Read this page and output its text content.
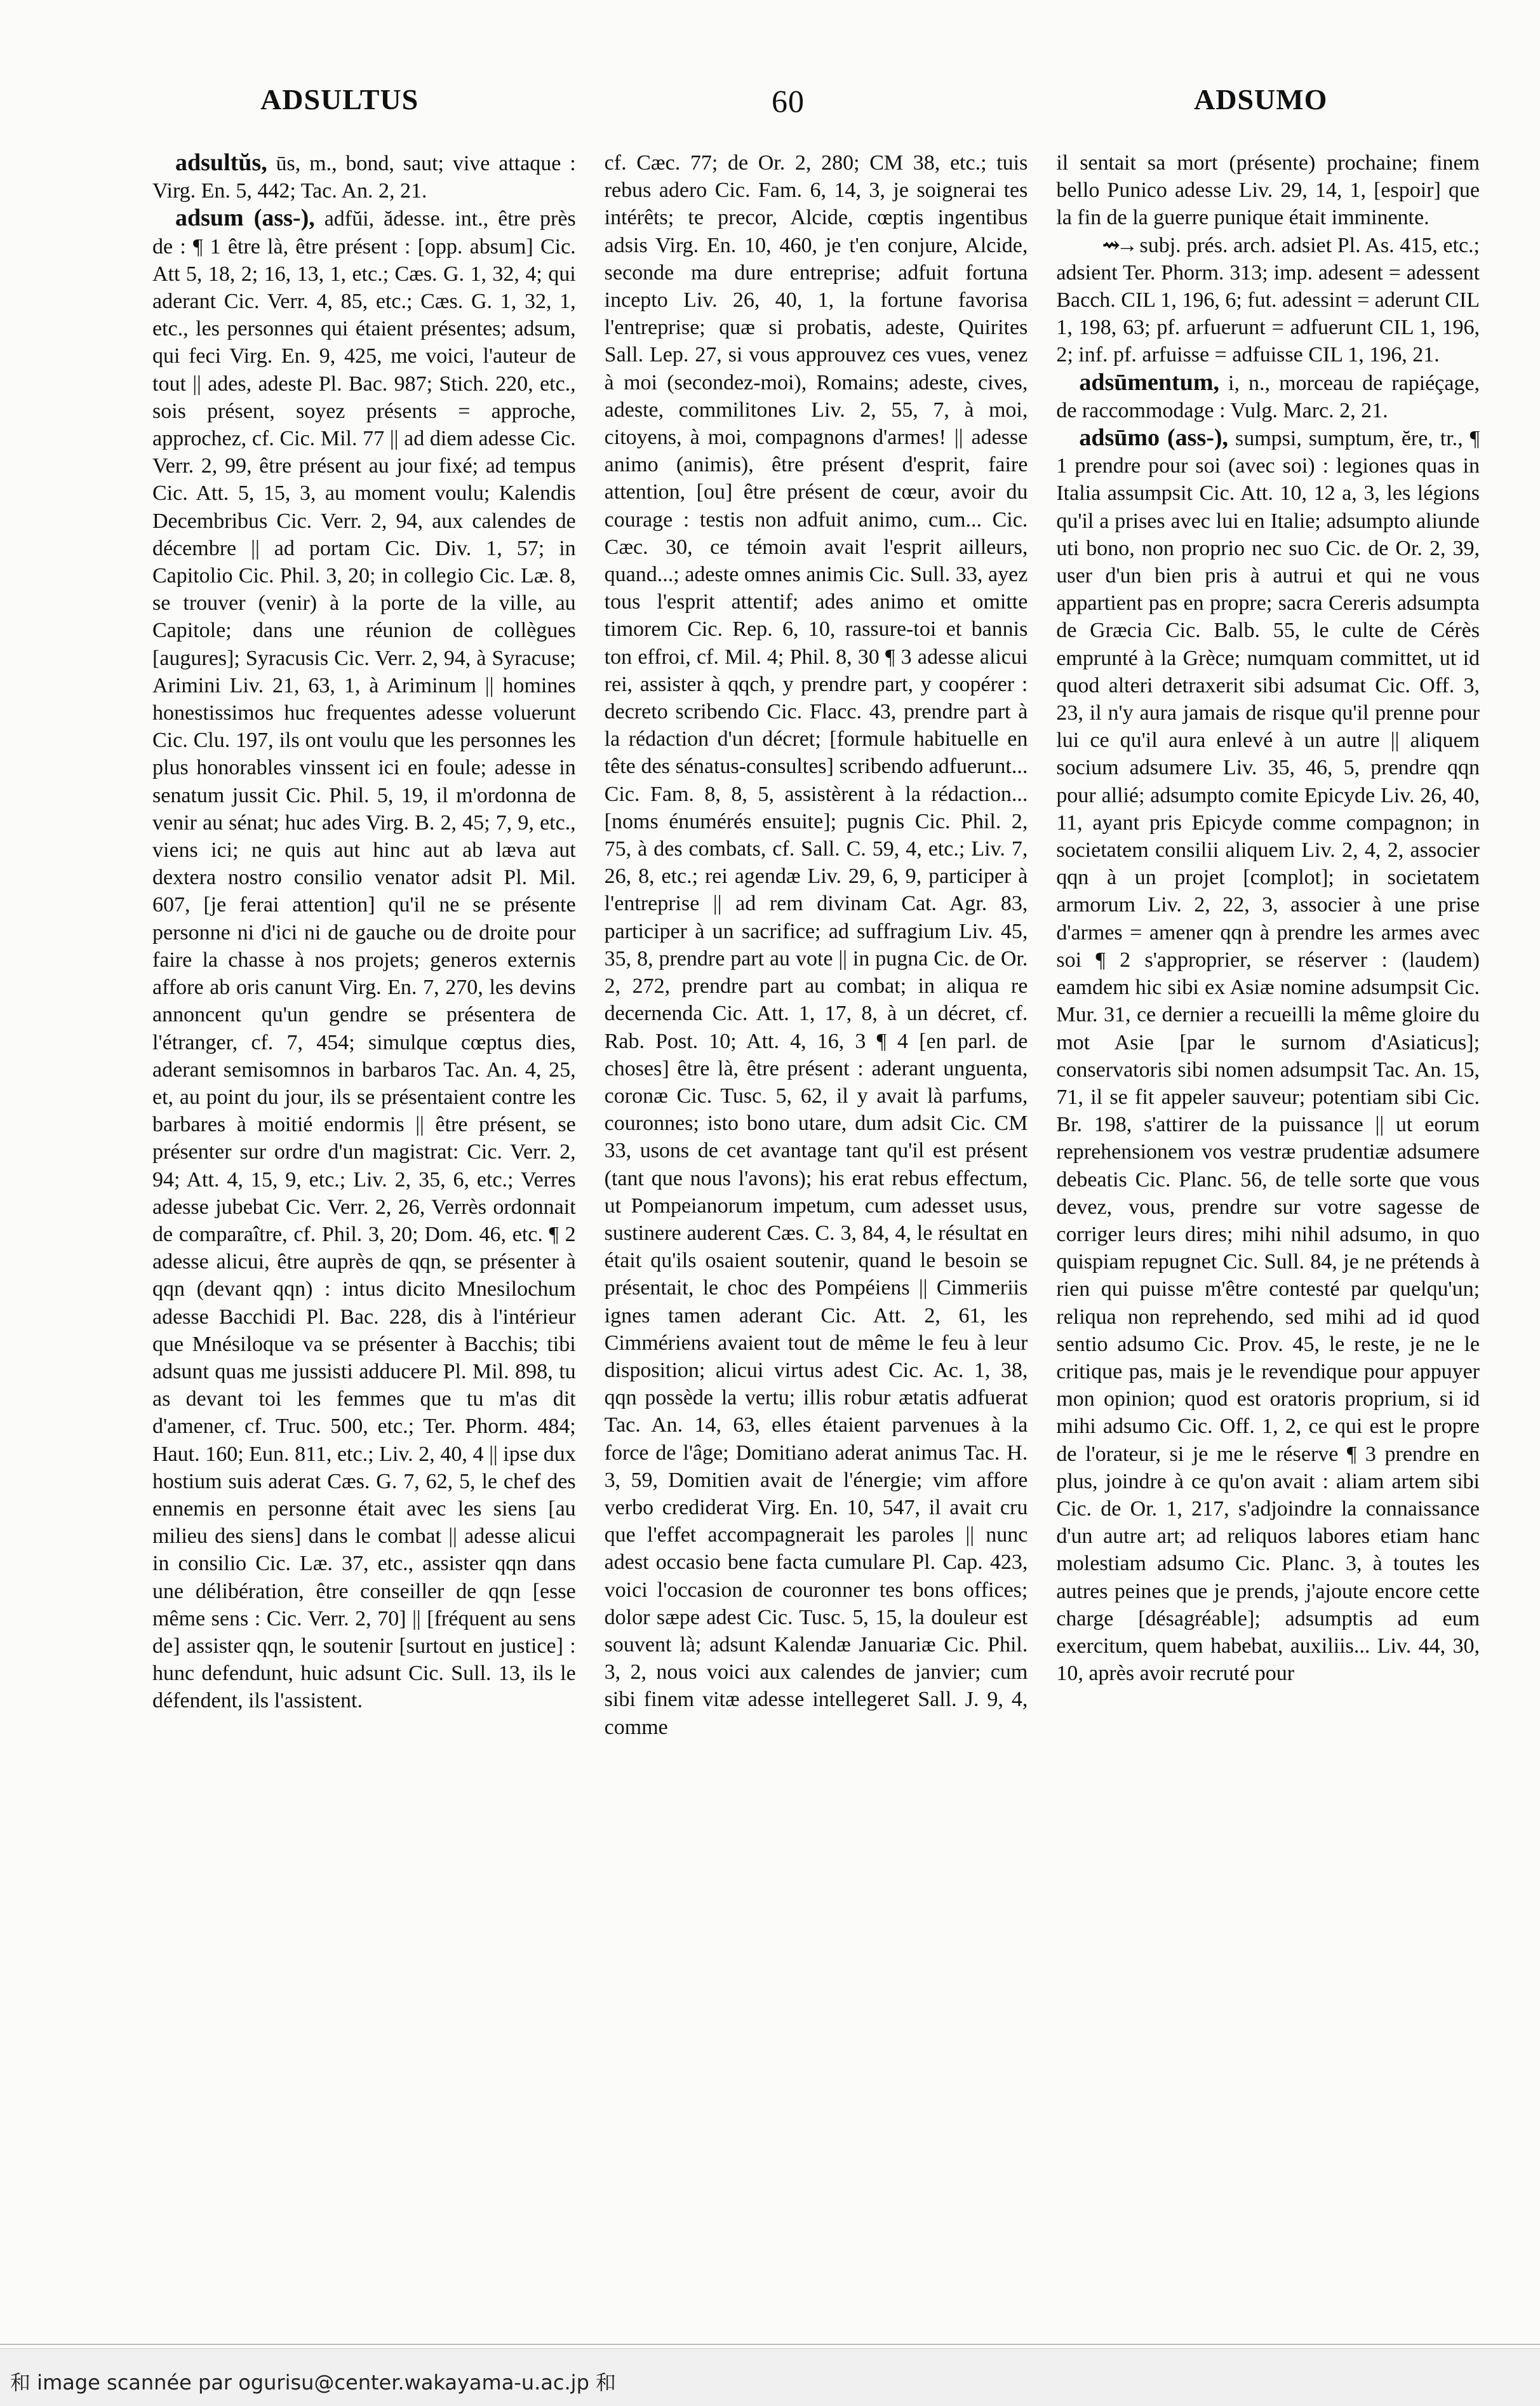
ADSULTUS	60	ADSUMO

adsultŭs, ūs, m., bond, saut; vive attaque : Virg. En. 5, 442; Tac. An. 2, 21.

adsum (ass-), adfŭi, ădesse. int., être près de : ¶ 1 être là, être présent : [opp. absum] Cic. Att 5, 18, 2; 16, 13, 1, etc.; Cæs. G. 1, 32, 4; qui aderant Cic. Verr. 4, 85, etc.; Cæs. G. 1, 32, 1, etc., les personnes qui étaient présentes; adsum, qui feci Virg. En. 9, 425, me voici, l'auteur de tout || ades, adeste Pl. Bac. 987; Stich. 220, etc., sois présent, soyez présents = approche, approchez, cf. Cic. Mil. 77 || ad diem adesse Cic. Verr. 2, 99, être présent au jour fixé; ad tempus Cic. Att. 5, 15, 3, au moment voulu; Kalendis Decembribus Cic. Verr. 2, 94, aux calendes de décembre || ad portam Cic. Div. 1, 57; in Capitolio Cic. Phil. 3, 20; in collegio Cic. Læ. 8, se trouver (venir) à la porte de la ville, au Capitole; dans une réunion de collègues [augures]; Syracusis Cic. Verr. 2, 94, à Syracuse; Arimini Liv. 21, 63, 1, à Ariminum || homines honestissimos huc frequentes adesse voluerunt Cic. Clu. 197, ils ont voulu que les personnes les plus honorables vinssent ici en foule; adesse in senatum jussit Cic. Phil. 5, 19, il m'ordonna de venir au sénat; huc ades Virg. B. 2, 45; 7, 9, etc., viens ici; ne quis aut hinc aut ab læva aut dextera nostro consilio venator adsit Pl. Mil. 607, [je ferai attention] qu'il ne se présente personne ni d'ici ni de gauche ou de droite pour faire la chasse à nos projets; generos externis affore ab oris canunt Virg. En. 7, 270, les devins annoncent qu'un gendre se présentera de l'étranger, cf. 7, 454; simulque cœptus dies, aderant semisomnos in barbaros Tac. An. 4, 25, et, au point du jour, ils se présentaient contre les barbares à moitié endormis || être présent, se présenter sur ordre d'un magistrat: Cic. Verr. 2, 94; Att. 4, 15, 9, etc.; Liv. 2, 35, 6, etc.; Verres adesse jubebat Cic. Verr. 2, 26, Verrès ordonnait de comparaître, cf. Phil. 3, 20; Dom. 46, etc. ¶ 2 adesse alicui, être auprès de qqn, se présenter à qqn (devant qqn) : intus dicito Mnesilochum adesse Bacchidi Pl. Bac. 228, dis à l'intérieur que Mnésiloque va se présenter à Bacchis; tibi adsunt quas me jussisti adducere Pl. Mil. 898, tu as devant toi les femmes que tu m'as dit d'amener, cf. Truc. 500, etc.; Ter. Phorm. 484; Haut. 160; Eun. 811, etc.; Liv. 2, 40, 4 || ipse dux hostium suis aderat Cæs. G. 7, 62, 5, le chef des ennemis en personne était avec les siens [au milieu des siens] dans le combat || adesse alicui in consilio Cic. Læ. 37, etc., assister qqn dans une délibération, être conseiller de qqn [esse même sens : Cic. Verr. 2, 70] || [fréquent au sens de] assister qqn, le soutenir [surtout en justice] : hunc defendunt, huic adsunt Cic. Sull. 13, ils le défendent, ils l'assistent.

cf. Cæc. 77; de Or. 2, 280; CM 38, etc.; tuis rebus adero Cic. Fam. 6, 14, 3, je soignerai tes intérêts; te precor, Alcide, cœptis ingentibus adsis Virg. En. 10, 460, je t'en conjure, Alcide, seconde ma dure entreprise; adfuit fortuna incepto Liv. 26, 40, 1, la fortune favorisa l'entreprise; quæ si probatis, adeste, Quirites Sall. Lep. 27, si vous approuvez ces vues, venez à moi (secondez-moi), Romains; adeste, cives, adeste, commilitones Liv. 2, 55, 7, à moi, citoyens, à moi, compagnons d'armes! || adesse animo (animis), être présent d'esprit, faire attention, [ou] être présent de cœur, avoir du courage : testis non adfuit animo, cum... Cic. Cæc. 30, ce témoin avait l'esprit ailleurs, quand...; adeste omnes animis Cic. Sull. 33, ayez tous l'esprit attentif; ades animo et omitte timorem Cic. Rep. 6, 10, rassure-toi et bannis ton effroi, cf. Mil. 4; Phil. 8, 30 ¶ 3 adesse alicui rei, assister à qqch, y prendre part, y coopérer : decreto scribendo Cic. Flacc. 43, prendre part à la rédaction d'un décret; [formule habituelle en tête des sénatus-consultes] scribendo adfuerunt... Cic. Fam. 8, 8, 5, assistèrent à la rédaction... [noms énumérés ensuite]; pugnis Cic. Phil. 2, 75, à des combats, cf. Sall. C. 59, 4, etc.; Liv. 7, 26, 8, etc.; rei agendæ Liv. 29, 6, 9, participer à l'entreprise || ad rem divinam Cat. Agr. 83, participer à un sacrifice; ad suffragium Liv. 45, 35, 8, prendre part au vote || in pugna Cic. de Or. 2, 272, prendre part au combat; in aliqua re decernenda Cic. Att. 1, 17, 8, à un décret, cf. Rab. Post. 10; Att. 4, 16, 3 ¶ 4 [en parl. de choses] être là, être présent : aderant unguenta, coronæ Cic. Tusc. 5, 62, il y avait là parfums, couronnes; isto bono utare, dum adsit Cic. CM 33, usons de cet avantage tant qu'il est présent (tant que nous l'avons); his erat rebus effectum, ut Pompeianorum impetum, cum adesset usus, sustinere auderent Cæs. C. 3, 84, 4, le résultat en était qu'ils osaient soutenir, quand le besoin se présentait, le choc des Pompéiens || Cimmeriis ignes tamen aderant Cic. Att. 2, 61, les Cimmériens avaient tout de même le feu à leur disposition; alicui virtus adest Cic. Ac. 1, 38, qqn possède la vertu; illis robur ætatis adfuerat Tac. An. 14, 63, elles étaient parvenues à la force de l'âge; Domitiano aderat animus Tac. H. 3, 59, Domitien avait de l'énergie; vim affore verbo crediderat Virg. En. 10, 547, il avait cru que l'effet accompagnerait les paroles || nunc adest occasio bene facta cumulare Pl. Cap. 423, voici l'occasion de couronner tes bons offices; dolor sæpe adest Cic. Tusc. 5, 15, la douleur est souvent là; adsunt Kalendæ Januariæ Cic. Phil. 3, 2, nous voici aux calendes de janvier; cum sibi finem vitæ adesse intellegeret Sall. J. 9, 4, comme

il sentait sa mort (présente) prochaine; finem bello Punico adesse Liv. 29, 14, 1, [espoir] que la fin de la guerre punique était imminente.

⇝→ subj. prés. arch. adsiet Pl. As. 415, etc.; adsient Ter. Phorm. 313; imp. adesent = adessent Bacch. CIL 1, 196, 6; fut. adessint = aderunt CIL 1, 198, 63; pf. arfuerunt = adfuerunt CIL 1, 196, 2; inf. pf. arfuisse = adfuisse CIL 1, 196, 21.

adsūmentum, i, n., morceau de rapiéçage, de raccommodage : Vulg. Marc. 2, 21.

adsūmo (ass-), sumpsi, sumptum, ĕre, tr., ¶ 1 prendre pour soi (avec soi) : legiones quas in Italia assumpsit Cic. Att. 10, 12 a, 3, les légions qu'il a prises avec lui en Italie; adsumpto aliunde uti bono, non proprio nec suo Cic. de Or. 2, 39, user d'un bien pris à autrui et qui ne vous appartient pas en propre; sacra Cereris adsumpta de Græcia Cic. Balb. 55, le culte de Cérès emprunté à la Grèce; numquam committet, ut id quod alteri detraxerit sibi adsumat Cic. Off. 3, 23, il n'y aura jamais de risque qu'il prenne pour lui ce qu'il aura enlevé à un autre || aliquem socium adsumere Liv. 35, 46, 5, prendre qqn pour allié; adsumpto comite Epicyde Liv. 26, 40, 11, ayant pris Epicyde comme compagnon; in societatem consilii aliquem Liv. 2, 4, 2, associer qqn à un projet [complot]; in societatem armorum Liv. 2, 22, 3, associer à une prise d'armes = amener qqn à prendre les armes avec soi ¶ 2 s'approprier, se réserver : (laudem) eamdem hic sibi ex Asiæ nomine adsumpsit Cic. Mur. 31, ce dernier a recueilli la même gloire du mot Asie [par le surnom d'Asiaticus]; conservatoris sibi nomen adsumpsit Tac. An. 15, 71, il se fit appeler sauveur; potentiam sibi Cic. Br. 198, s'attirer de la puissance || ut eorum reprehensionem vos vestræ prudentiæ adsumere debeatis Cic. Planc. 56, de telle sorte que vous devez, vous, prendre sur votre sagesse de corriger leurs dires; mihi nihil adsumo, in quo quispiam repugnet Cic. Sull. 84, je ne prétends à rien qui puisse m'être contesté par quelqu'un; reliqua non reprehendo, sed mihi ad id quod sentio adsumo Cic. Prov. 45, le reste, je ne le critique pas, mais je le revendique pour appuyer mon opinion; quod est oratoris proprium, si id mihi adsumo Cic. Off. 1, 2, ce qui est le propre de l'orateur, si je me le réserve ¶ 3 prendre en plus, joindre à ce qu'on avait : aliam artem sibi Cic. de Or. 1, 217, s'adjoindre la connaissance d'un autre art; ad reliquos labores etiam hanc molestiam adsumo Cic. Planc. 3, à toutes les autres peines que je prends, j'ajoute encore cette charge [désagréable]; adsumptis ad eum exercitum, quem habebat, auxiliis... Liv. 44, 30, 10, après avoir recruté pour

和 image scannée par ogurisu@center.wakayama-u.ac.jp 和
